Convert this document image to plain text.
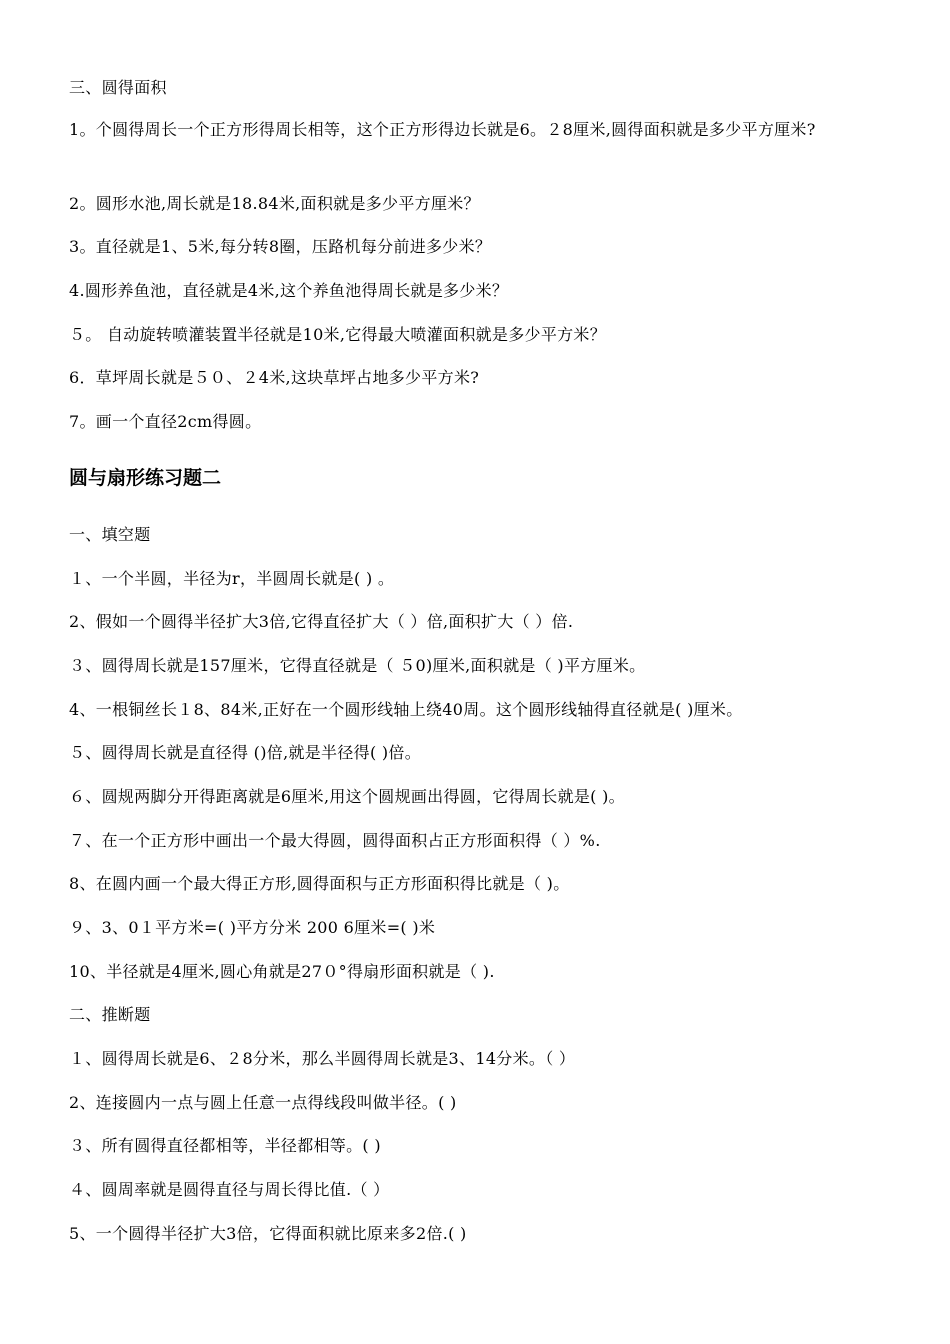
三、圆得面积
1。个圆得周长一个正方形得周长相等，这个正方形得边长就是6。２8厘米,圆得面积就是多少平方厘米?
2。圆形水池,周长就是18.84米,面积就是多少平方厘米？
3。直径就是1、5米,每分转8圈，压路机每分前进多少米？
4.圆形养鱼池，直径就是4米,这个养鱼池得周长就是多少米？
５。 自动旋转喷灌装置半径就是10米,它得最大喷灌面积就是多少平方米？
6．草坪周长就是５０、２4米,这块草坪占地多少平方米?
7。画一个直径2cm得圆。
圆与扇形练习题二
一、填空题
１、一个半圆，半径为r，半圆周长就是( ) 。
2、假如一个圆得半径扩大3倍,它得直径扩大（ ）倍,面积扩大（ ）倍.
３、圆得周长就是157厘米，它得直径就是（ ５0)厘米,面积就是（ )平方厘米。
4、一根铜丝长１8、84米,正好在一个圆形线轴上绕40周。这个圆形线轴得直径就是( )厘米。
５、圆得周长就是直径得 ()倍,就是半径得( )倍。
６、圆规两脚分开得距离就是6厘米,用这个圆规画出得圆，它得周长就是( )。
７、在一个正方形中画出一个最大得圆，圆得面积占正方形面积得（ ）%.
8、在圆内画一个最大得正方形,圆得面积与正方形面积得比就是（ )。
９、3、0１平方米=( )平方分米 200 6厘米=( )米
10、半径就是4厘米,圆心角就是27０°得扇形面积就是（ ).
二、推断题
１、圆得周长就是6、２8分米，那么半圆得周长就是3、14分米。（ ）
2、连接圆内一点与圆上任意一点得线段叫做半径。( )
３、所有圆得直径都相等，半径都相等。( )
４、圆周率就是圆得直径与周长得比值.（ ）
5、一个圆得半径扩大3倍，它得面积就比原来多2倍.( )
